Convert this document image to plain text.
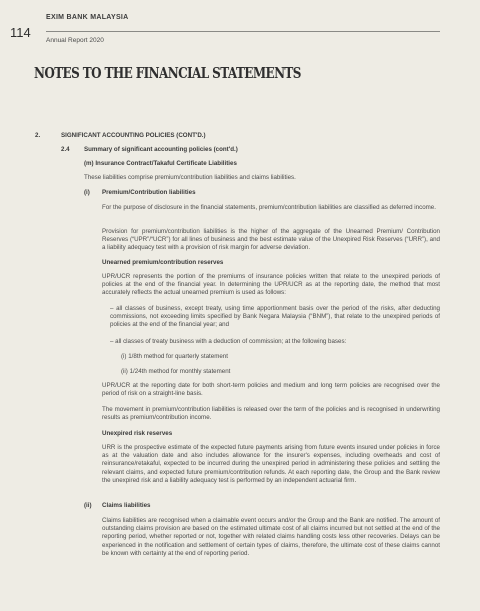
114
EXIM BANK MALAYSIA
Annual Report 2020
NOTES TO THE FINANCIAL STATEMENTS
2.	SIGNIFICANT ACCOUNTING POLICIES (CONT'D.)
2.4 Summary of significant accounting policies (cont'd.)
(m) Insurance Contract/Takaful Certificate Liabilities
These liabilities comprise premium/contribution liabilities and claims liabilities.
(i) Premium/Contribution liabilities
For the purpose of disclosure in the financial statements, premium/contribution liabilities are classified as deferred income.
Provision for premium/contribution liabilities is the higher of the aggregate of the Unearned Premium/ Contribution Reserves (“UPR”/“UCR”) for all lines of business and the best estimate value of the Unexpired Risk Reserves (“URR”), and a liability adequacy test with a provision of risk margin for adverse deviation.
Unearned premium/contribution reserves
UPR/UCR represents the portion of the premiums of insurance policies written that relate to the unexpired periods of policies at the end of the financial year. In determining the UPR/UCR as at the reporting date, the method that most accurately reflects the actual unearned premium is used as follows:
– all classes of business, except treaty, using time apportionment basis over the period of the risks, after deducting commissions, not exceeding limits specified by Bank Negara Malaysia (“BNM”), that relate to the unexpired periods of policies at the end of the financial year; and
– all classes of treaty business with a deduction of commission; at the following bases:
(i) 1/8th method for quarterly statement
(ii) 1/24th method for monthly statement
UPR/UCR at the reporting date for both short-term policies and medium and long term policies are recognised over the period of risk on a straight-line basis.
The movement in premium/contribution liabilities is released over the term of the policies and is recognised in underwriting results as premium/contribution income.
Unexpired risk reserves
URR is the prospective estimate of the expected future payments arising from future events insured under policies in force as at the valuation date and also includes allowance for the insurer's expenses, including overheads and cost of reinsurance/retakaful, expected to be incurred during the unexpired period in administering these policies and settling the relevant claims, and expected future premium/contribution refunds. At each reporting date, the Group and the Bank review the unexpired risk and a liability adequacy test is performed by an independent actuarial firm.
(ii) Claims liabilities
Claims liabilities are recognised when a claimable event occurs and/or the Group and the Bank are notified. The amount of outstanding claims provision are based on the estimated ultimate cost of all claims incurred but not settled at the end of the reporting period, whether reported or not, together with related claims handling costs less other recoveries. Delays can be experienced in the notification and settlement of certain types of claims, therefore, the ultimate cost of these claims cannot be known with certainty at the end of reporting period.
